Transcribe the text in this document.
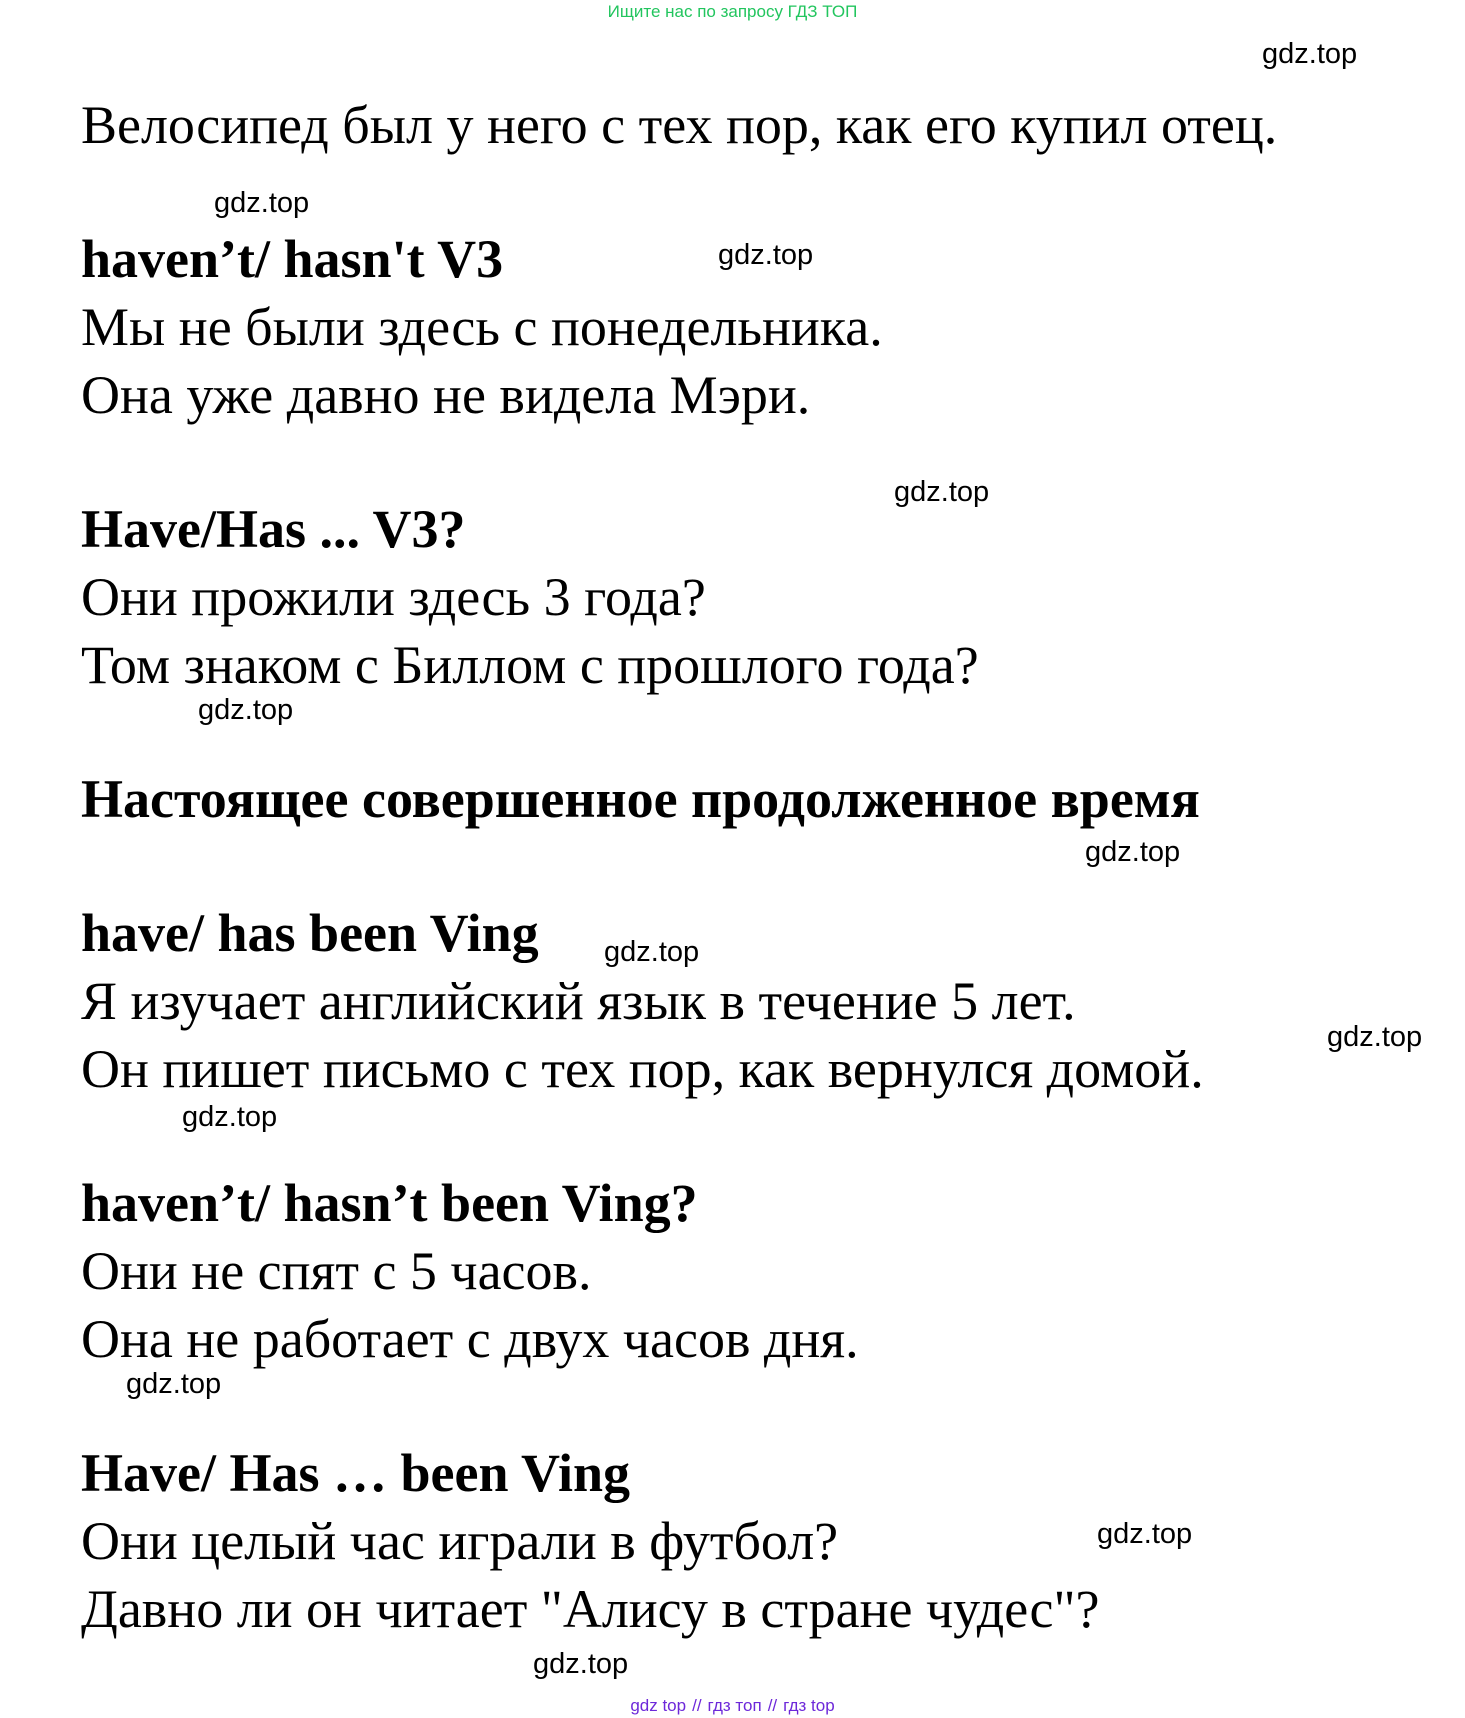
Ищите нас по запросу ГДЗ ТОП
gdz.top
gdz.top
gdz.top
gdz.top
gdz.top
gdz.top
gdz.top
gdz.top
gdz.top
gdz.top
gdz.top
gdz.top
Велосипед был у него с тех пор, как его купил отец.
haven’t/ hasn't V3
Мы не были здесь с понедельника.
Она уже давно не видела Мэри.
Have/Has ... V3?
Они прожили здесь 3 года?
Том знаком с Биллом с прошлого года?
Настоящее совершенное продолженное время
have/ has been Ving
Я изучает английский язык в течение 5 лет.
Он пишет письмо с тех пор, как вернулся домой.
haven’t/ hasn’t been Ving?
Они не спят с 5 часов.
Она не работает с двух часов дня.
Have/ Has … been Ving
Они целый час играли в футбол?
Давно ли он читает "Алису в стране чудес"?
gdz top // гдз топ // гдз top
